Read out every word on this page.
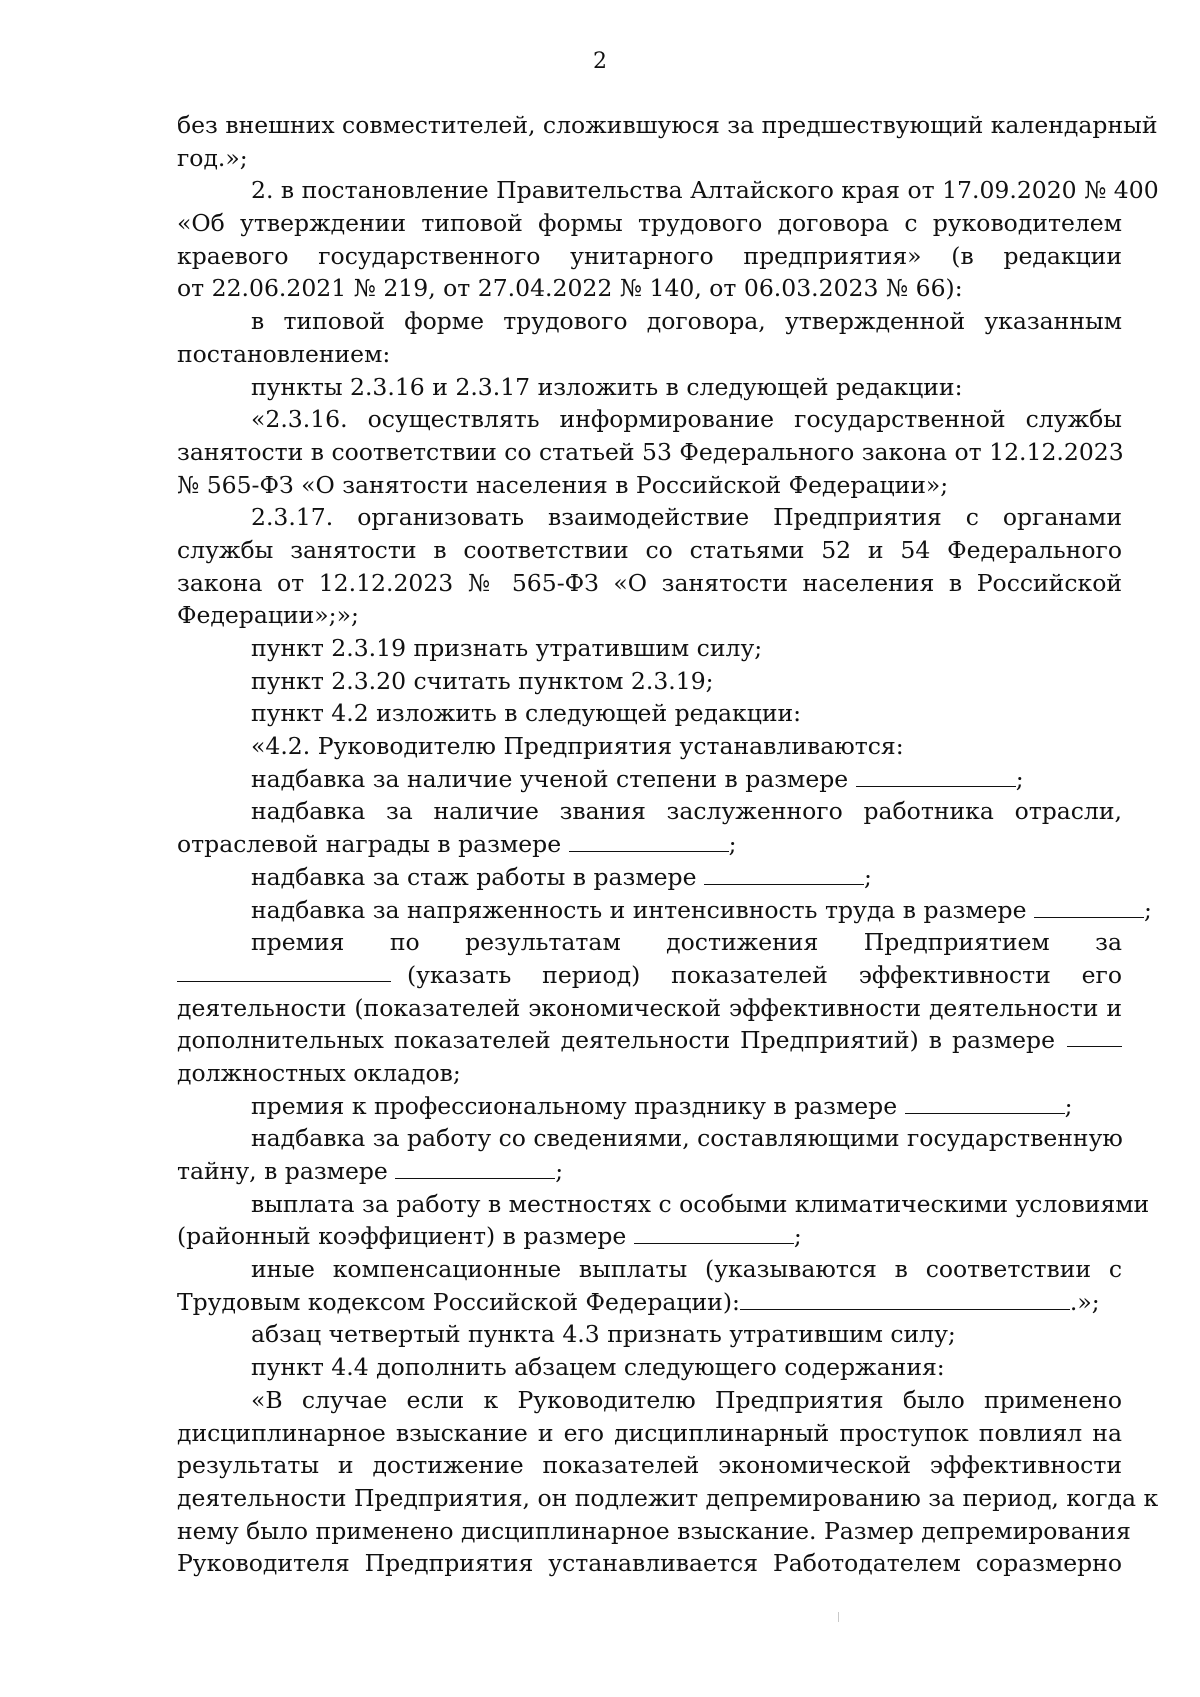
2
без внешних совместителей, сложившуюся за предшествующий календарный
год.»;
2. в постановление Правительства Алтайского края от 17.09.2020 № 400
«Об утверждении типовой формы трудового договора с руководителем
краевого государственного унитарного предприятия» (в редакции
от 22.06.2021 № 219, от 27.04.2022 № 140, от 06.03.2023 № 66):
в типовой форме трудового договора, утвержденной указанным
постановлением:
пункты 2.3.16 и 2.3.17 изложить в следующей редакции:
«2.3.16. осуществлять информирование государственной службы
занятости в соответствии со статьей 53 Федерального закона от 12.12.2023
№ 565-ФЗ «О занятости населения в Российской Федерации»;
2.3.17. организовать взаимодействие Предприятия с органами
службы занятости в соответствии со статьями 52 и 54 Федерального
закона от 12.12.2023 № 565-ФЗ «О занятости населения в Российской
Федерации»;»;
пункт 2.3.19 признать утратившим силу;
пункт 2.3.20 считать пунктом 2.3.19;
пункт 4.2 изложить в следующей редакции:
«4.2. Руководителю Предприятия устанавливаются:
надбавка за наличие ученой степени в размере	;
надбавка за наличие звания заслуженного работника отрасли,
отраслевой награды в размере	;
надбавка за стаж работы в размере	;
надбавка за напряженность и интенсивность труда в размере	;
премия по результатам достижения Предприятием за
(указать период) показателей эффективности его
деятельности (показателей экономической эффективности деятельности и
дополнительных показателей деятельности Предприятий) в размере
должностных окладов;
премия к профессиональному празднику в размере	;
надбавка за работу со сведениями, составляющими государственную
тайну, в размере	;
выплата за работу в местностях с особыми климатическими условиями
(районный коэффициент) в размере	;
иные компенсационные выплаты (указываются в соответствии с
Трудовым кодексом Российской Федерации):	.»;
абзац четвертый пункта 4.3 признать утратившим силу;
пункт 4.4 дополнить абзацем следующего содержания:
«В случае если к Руководителю Предприятия было применено
дисциплинарное взыскание и его дисциплинарный проступок повлиял на
результаты и достижение показателей экономической эффективности
деятельности Предприятия, он подлежит депремированию за период, когда к
нему было применено дисциплинарное взыскание. Размер депремирования
Руководителя Предприятия устанавливается Работодателем соразмерно
